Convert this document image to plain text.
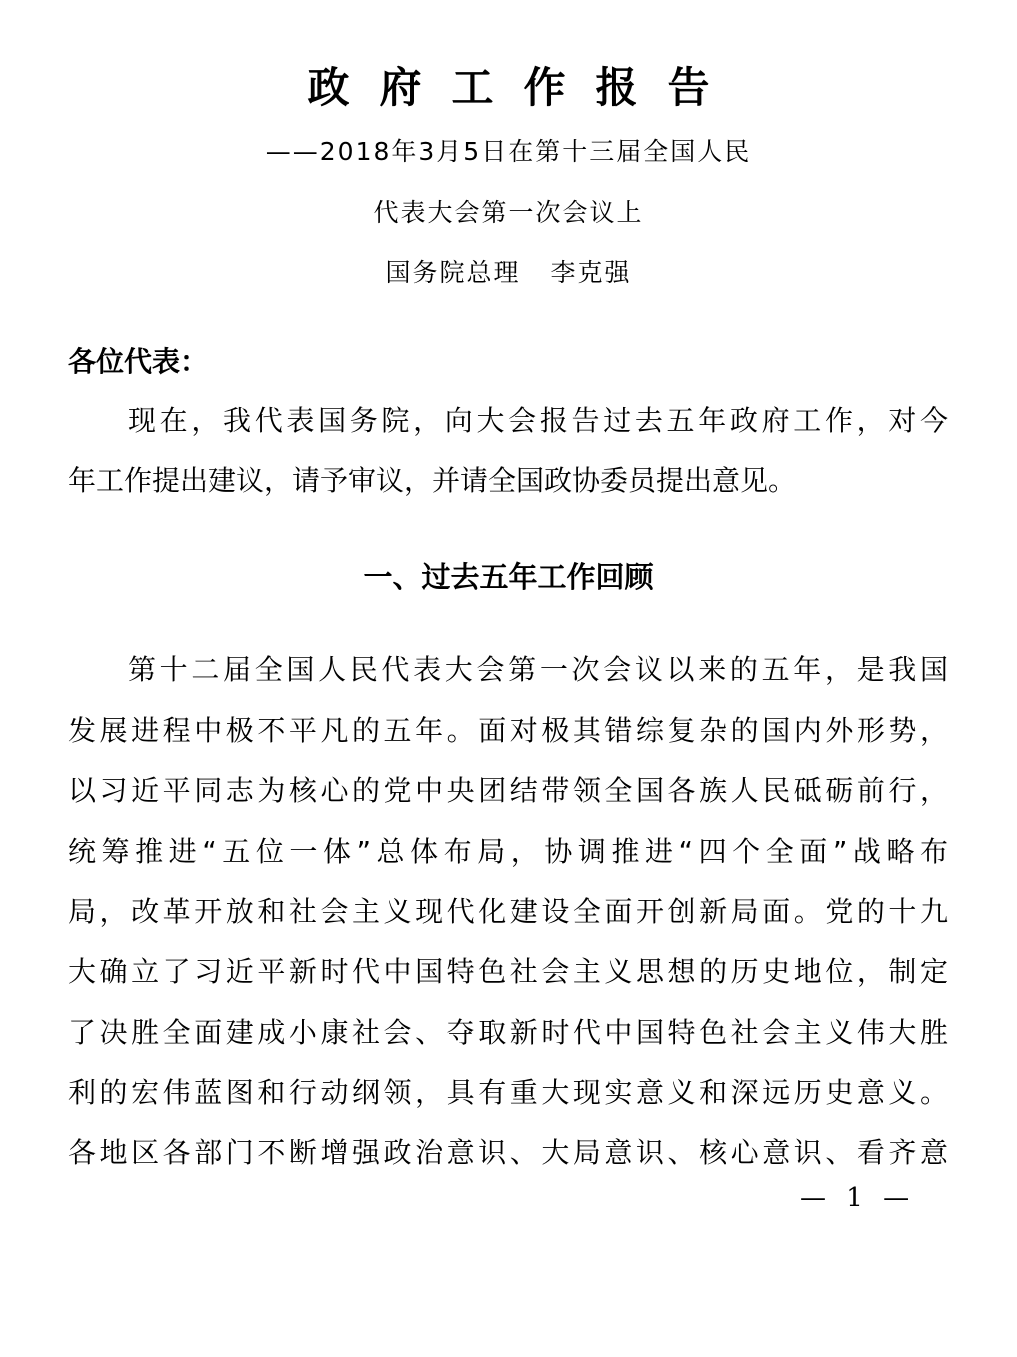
政府工作报告
——2018年3月5日在第十三届全国人民
代表大会第一次会议上
国务院总理 李克强
各位代表：
现在，我代表国务院，向大会报告过去五年政府工作，对今
年工作提出建议，请予审议，并请全国政协委员提出意见。
一、过去五年工作回顾
第十二届全国人民代表大会第一次会议以来的五年，是我国
发展进程中极不平凡的五年。面对极其错综复杂的国内外形势，
以习近平同志为核心的党中央团结带领全国各族人民砥砺前行，
统筹推进“五位一体”总体布局，协调推进“四个全面”战略布
局，改革开放和社会主义现代化建设全面开创新局面。党的十九
大确立了习近平新时代中国特色社会主义思想的历史地位，制定
了决胜全面建成小康社会、夺取新时代中国特色社会主义伟大胜
利的宏伟蓝图和行动纲领，具有重大现实意义和深远历史意义。
各地区各部门不断增强政治意识、大局意识、核心意识、看齐意
— 1 —
